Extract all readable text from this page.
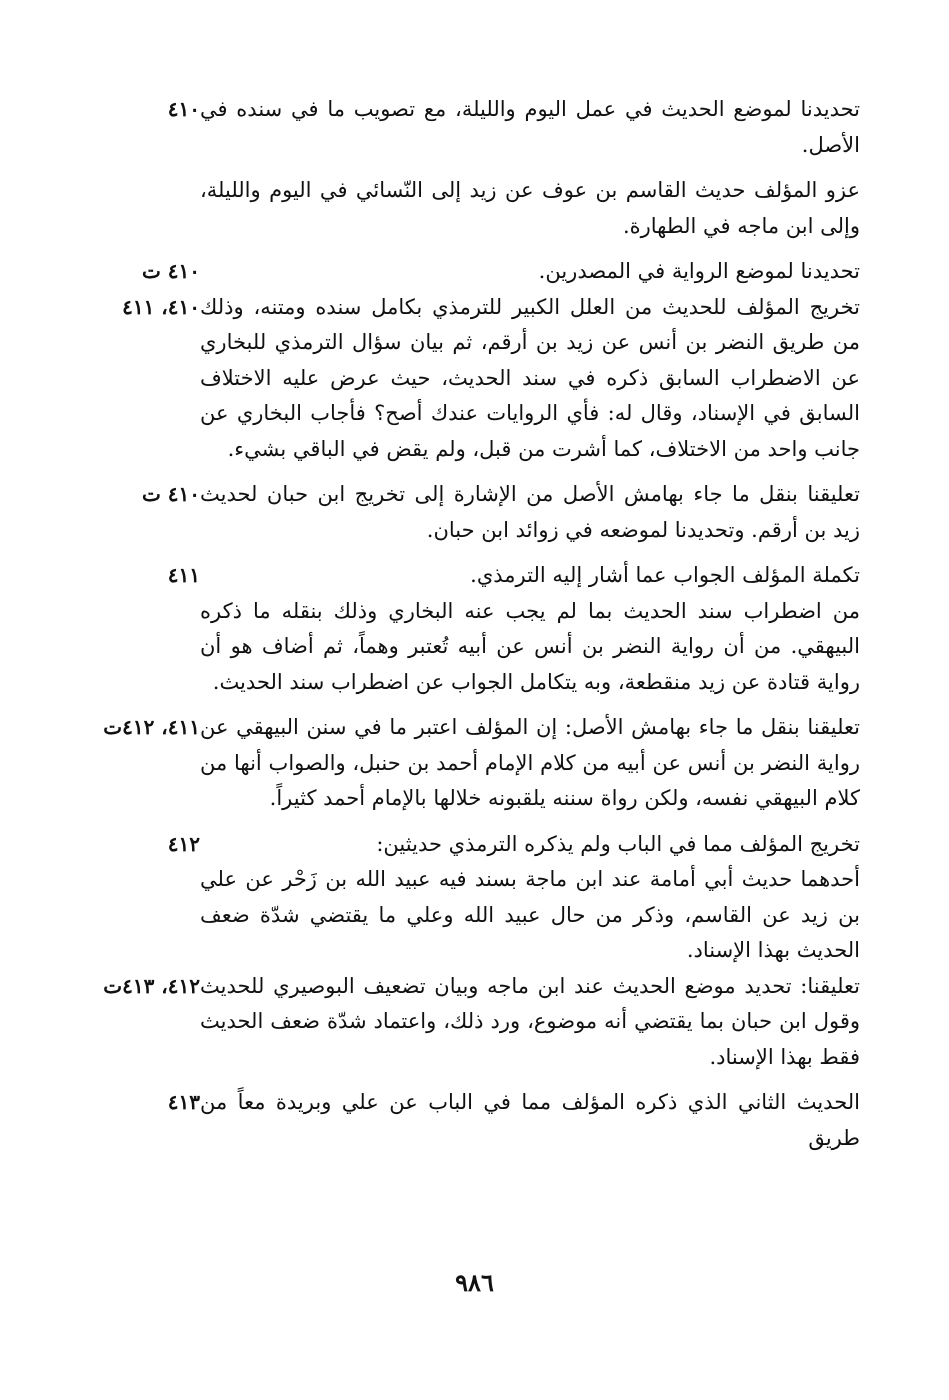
٤١٠ تحديدنا لموضع الحديث في عمل اليوم والليلة، مع تصويب ما في سنده في الأصل.
عزو المؤلف حديث القاسم بن عوف عن زيد إلى النّسائي في اليوم والليلة، وإلى ابن ماجه في الطهارة.
٤١٠ ت	تحديدنا لموضع الرواية في المصدرين.
٤١٠، ٤١١ تخريج المؤلف للحديث من العلل الكبير للترمذي بكامل سنده ومتنه، وذلك من طريق النضر بن أنس عن زيد بن أرقم، ثم بيان سؤال الترمذي للبخاري عن الاضطراب السابق ذكره في سند الحديث، حيث عرض عليه الاختلاف السابق في الإسناد، وقال له: فأي الروايات عندك أصح؟ فأجاب البخاري عن جانب واحد من الاختلاف، كما أشرت من قبل، ولم يقض في الباقي بشيء.
٤١٠ ت تعليقنا بنقل ما جاء بهامش الأصل من الإشارة إلى تخريج ابن حبان لحديث زيد بن أرقم. وتحديدنا لموضعه في زوائد ابن حبان.
٤١١	تكملة المؤلف الجواب عما أشار إليه الترمذي.
من اضطراب سند الحديث بما لم يجب عنه البخاري وذلك بنقله ما ذكره البيهقي. من أن رواية النضر بن أنس عن أبيه تُعتبر وهماً، ثم أضاف هو أن رواية قتادة عن زيد منقطعة، وبه يتكامل الجواب عن اضطراب سند الحديث.
٤١١، ٤١٢ت تعليقنا بنقل ما جاء بهامش الأصل: إن المؤلف اعتبر ما في سنن البيهقي عن رواية النضر بن أنس عن أبيه من كلام الإمام أحمد بن حنبل، والصواب أنها من كلام البيهقي نفسه، ولكن رواة سننه يلقبونه خلالها بالإمام أحمد كثيراً.
٤١٢	تخريج المؤلف مما في الباب ولم يذكره الترمذي حديثين:
أحدهما حديث أبي أمامة عند ابن ماجة بسند فيه عبيد الله بن زَحْر عن علي بن زيد عن القاسم، وذكر من حال عبيد الله وعلي ما يقتضي شدّة ضعف الحديث بهذا الإسناد.
٤١٢، ٤١٣ت تعليقنا: تحديد موضع الحديث عند ابن ماجه وبيان تضعيف البوصيري للحديث وقول ابن حبان بما يقتضي أنه موضوع، ورد ذلك، واعتماد شدّة ضعف الحديث فقط بهذا الإسناد.
٤١٣ الحديث الثاني الذي ذكره المؤلف مما في الباب عن علي وبريدة معاً من طريق
٩٨٦
